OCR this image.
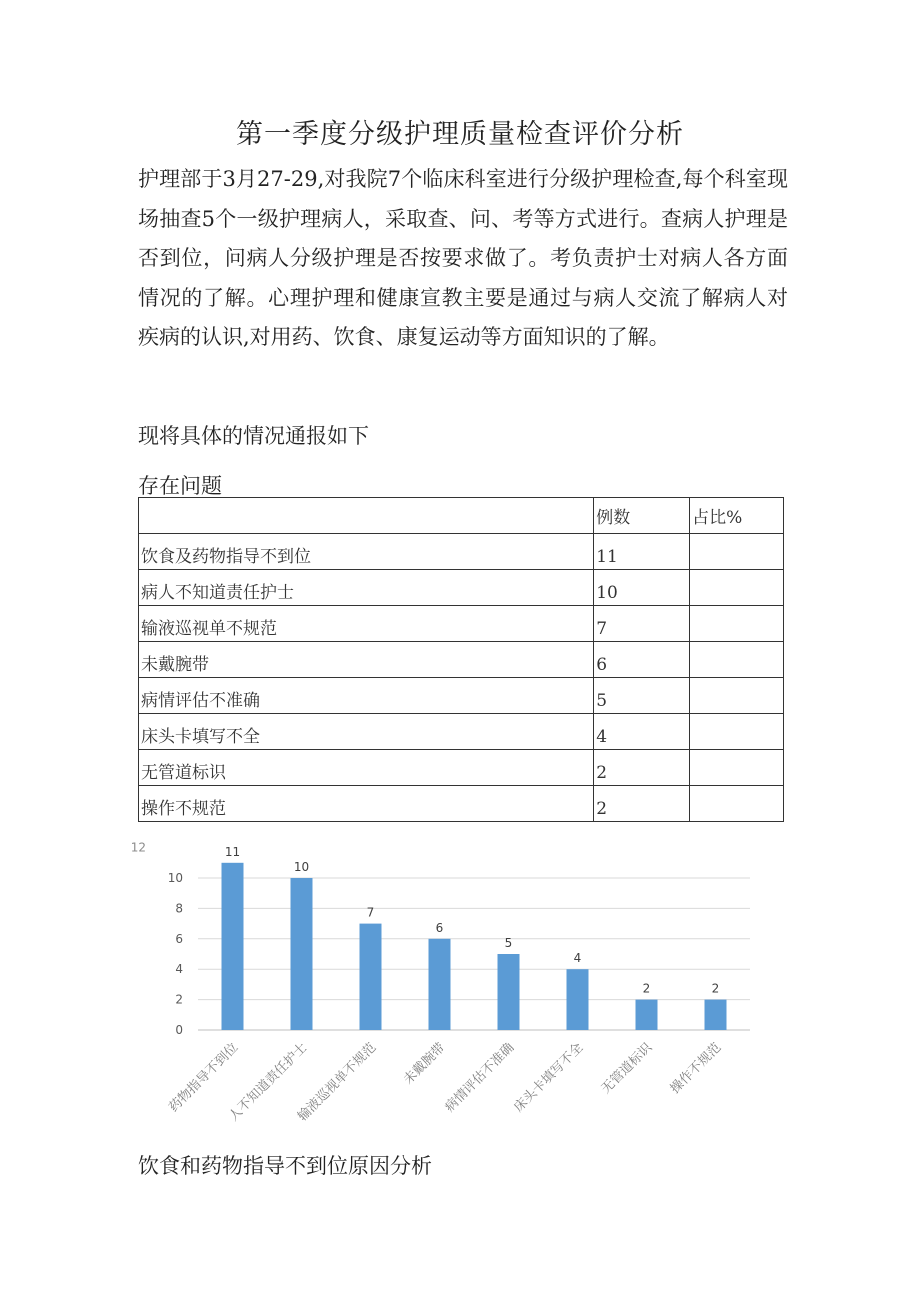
第一季度分级护理质量检查评价分析

护理部于3月27-29,对我院7个临床科室进行分级护理检查,每个科室现场抽查5个一级护理病人，采取查、问、考等方式进行。查病人护理是否到位，问病人分级护理是否按要求做了。考负责护士对病人各方面情况的了解。心理护理和健康宣教主要是通过与病人交流了解病人对疾病的认识,对用药、饮食、康复运动等方面知识的了解。

现将具体的情况通报如下
存在问题
	例数	占比%
饮食及药物指导不到位	11	
病人不知道责任护士	10	
输液巡视单不规范	7	
未戴腕带	6	
病情评估不准确	5	
床头卡填写不全	4	
无管道标识	2	
操作不规范	2	
0
2
4
6
8
10
12	11
药物指导不到位
10
人不知道责任护士
7
输液巡视单不规范
6
未戴腕带
5
病情评估不准确
4
床头卡填写不全
2
无管道标识
2
操作不规范
饮食和药物指导不到位原因分析
